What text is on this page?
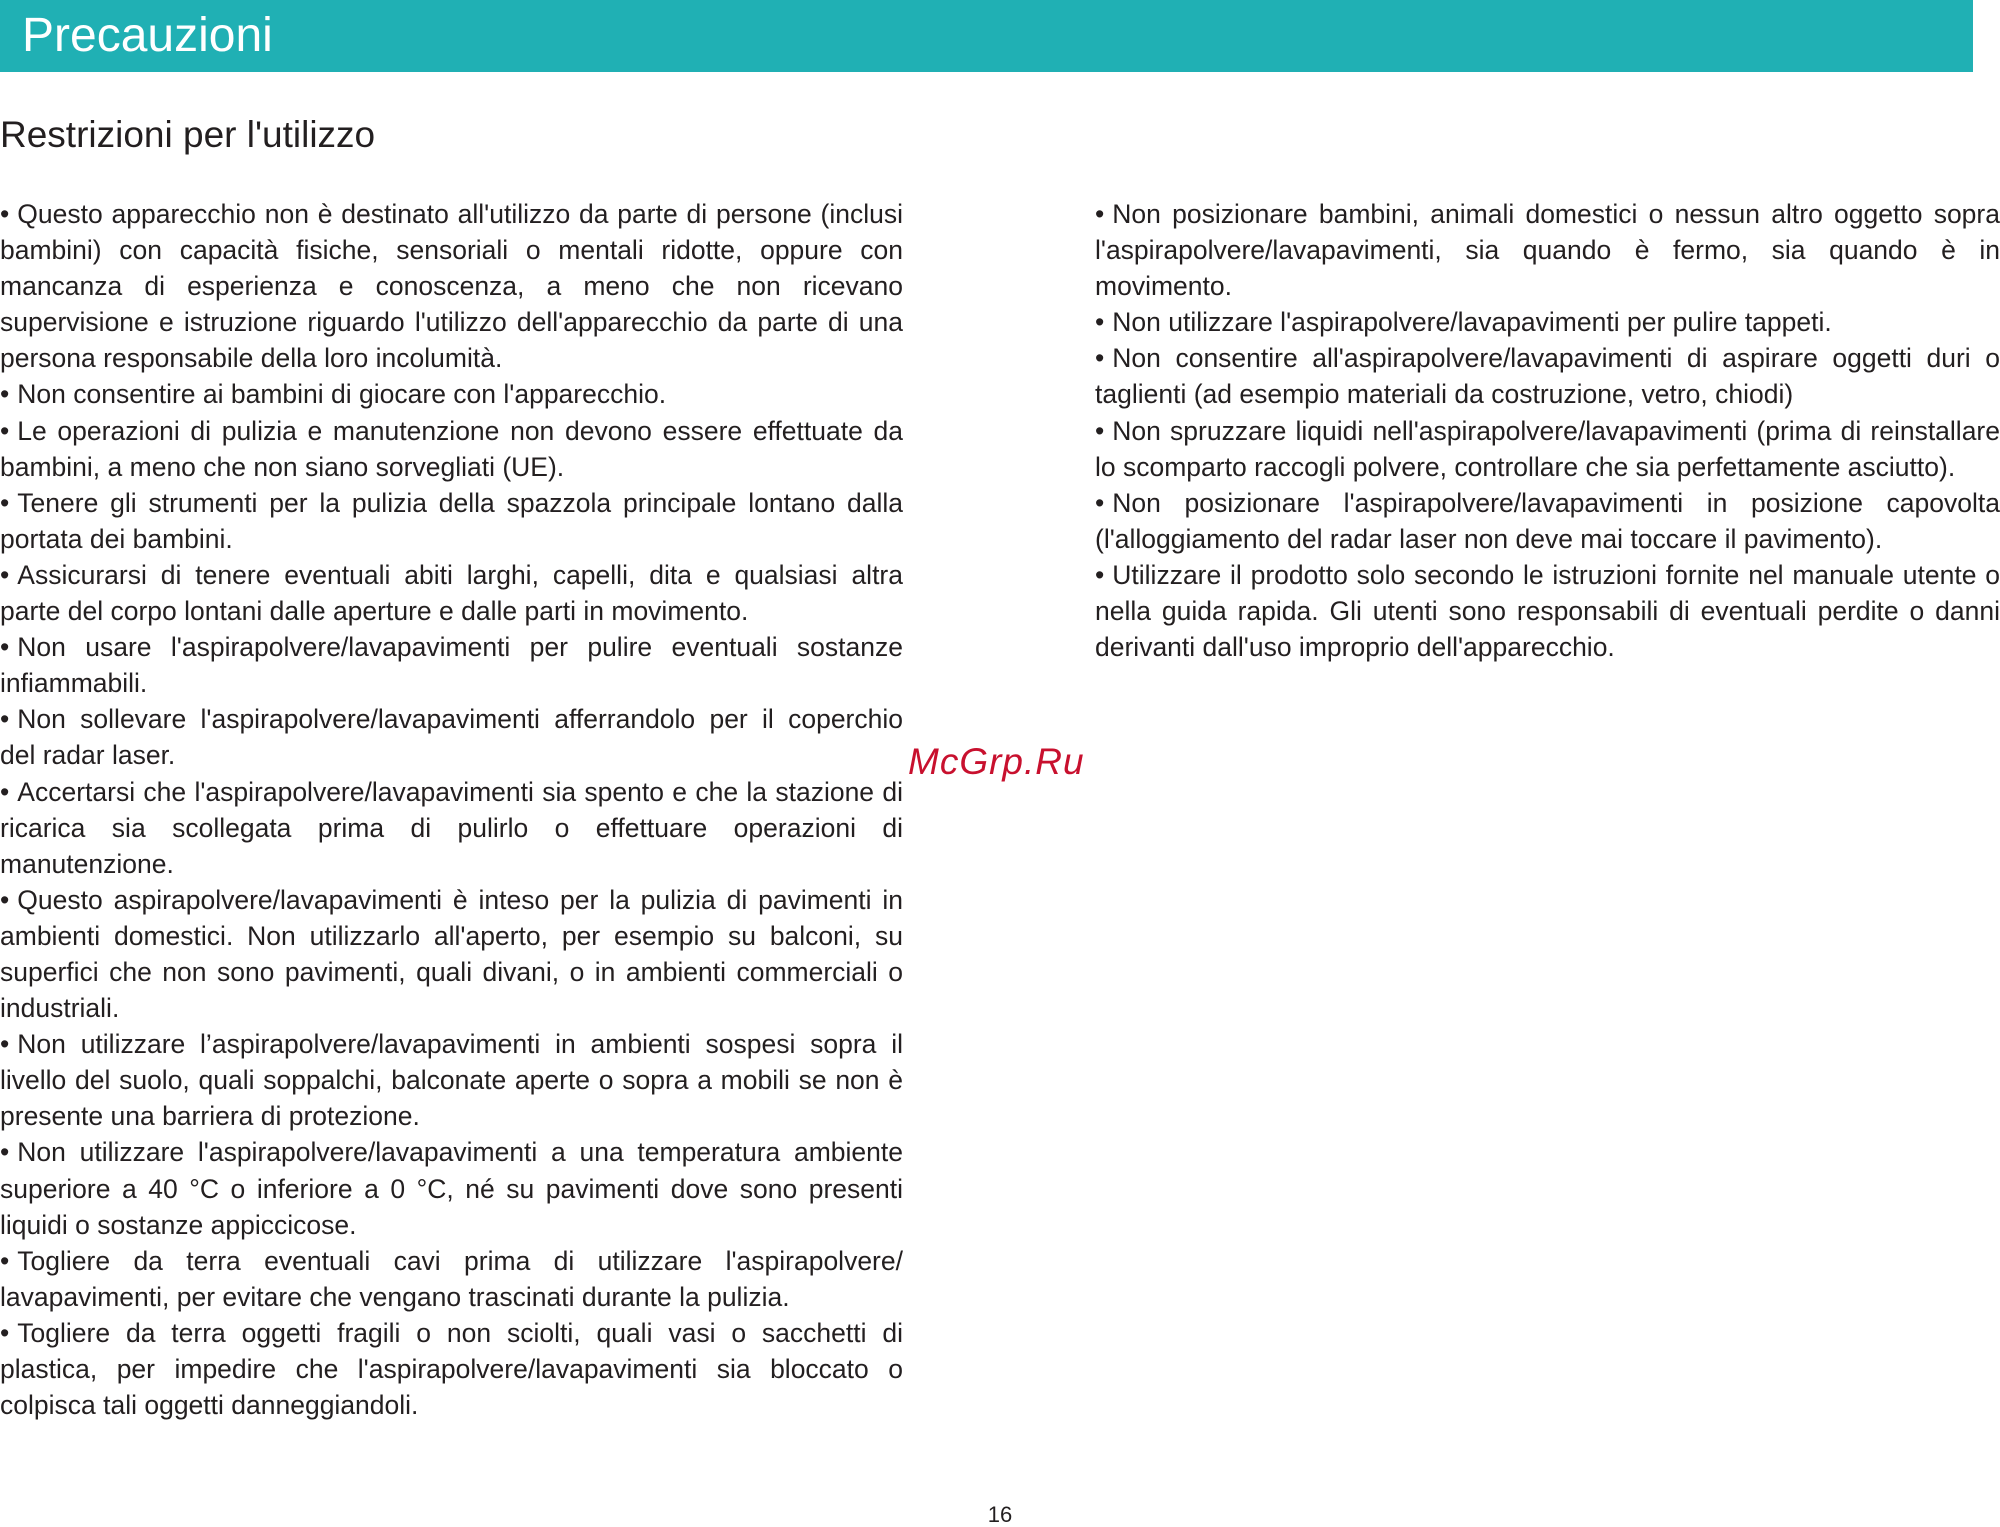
Precauzioni
Restrizioni per l'utilizzo
• Questo apparecchio non è destinato all'utilizzo da parte di persone (inclusi bambini) con capacità fisiche, sensoriali o mentali ridotte, oppure con mancanza di esperienza e conoscenza, a meno che non ricevano supervisione e istruzione riguardo l'utilizzo dell'apparecchio da parte di una persona responsabile della loro incolumità.
• Non consentire ai bambini di giocare con l'apparecchio.
• Le operazioni di pulizia e manutenzione non devono essere effettuate da bambini, a meno che non siano sorvegliati (UE).
• Tenere gli strumenti per la pulizia della spazzola principale lontano dalla portata dei bambini.
• Assicurarsi di tenere eventuali abiti larghi, capelli, dita e qualsiasi altra parte del corpo lontani dalle aperture e dalle parti in movimento.
• Non usare l'aspirapolvere/lavapavimenti per pulire eventuali sostanze infiammabili.
• Non sollevare l'aspirapolvere/lavapavimenti afferrandolo per il coperchio del radar laser.
• Accertarsi che l'aspirapolvere/lavapavimenti sia spento e che la stazione di ricarica sia scollegata prima di pulirlo o effettuare operazioni di manutenzione.
• Questo aspirapolvere/lavapavimenti è inteso per la pulizia di pavimenti in ambienti domestici. Non utilizzarlo all'aperto, per esempio su balconi, su superfici che non sono pavimenti, quali divani, o in ambienti commerciali o industriali.
• Non utilizzare l’aspirapolvere/lavapavimenti in ambienti sospesi sopra il livello del suolo, quali soppalchi, balconate aperte o sopra a mobili se non è presente una barriera di protezione.
• Non utilizzare l'aspirapolvere/lavapavimenti a una temperatura ambiente superiore a 40 °C o inferiore a 0 °C, né su pavimenti dove sono presenti liquidi o sostanze appiccicose.
• Togliere da terra eventuali cavi prima di utilizzare l'aspirapolvere/ lavapavimenti, per evitare che vengano trascinati durante la pulizia.
• Togliere da terra oggetti fragili o non sciolti, quali vasi o sacchetti di plastica, per impedire che l'aspirapolvere/lavapavimenti sia bloccato o colpisca tali oggetti danneggiandoli.
• Non posizionare bambini, animali domestici o nessun altro oggetto sopra l'aspirapolvere/lavapavimenti, sia quando è fermo, sia quando è in movimento.
• Non utilizzare l'aspirapolvere/lavapavimenti per pulire tappeti.
• Non consentire all'aspirapolvere/lavapavimenti di aspirare oggetti duri o taglienti (ad esempio materiali da costruzione, vetro, chiodi)
• Non spruzzare liquidi nell'aspirapolvere/lavapavimenti (prima di reinstallare lo scomparto raccogli polvere, controllare che sia perfettamente asciutto).
• Non posizionare l'aspirapolvere/lavapavimenti in posizione capovolta (l'alloggiamento del radar laser non deve mai toccare il pavimento).
• Utilizzare il prodotto solo secondo le istruzioni fornite nel manuale utente o nella guida rapida. Gli utenti sono responsabili di eventuali perdite o danni derivanti dall'uso improprio dell'apparecchio.
McGrp.Ru
16
